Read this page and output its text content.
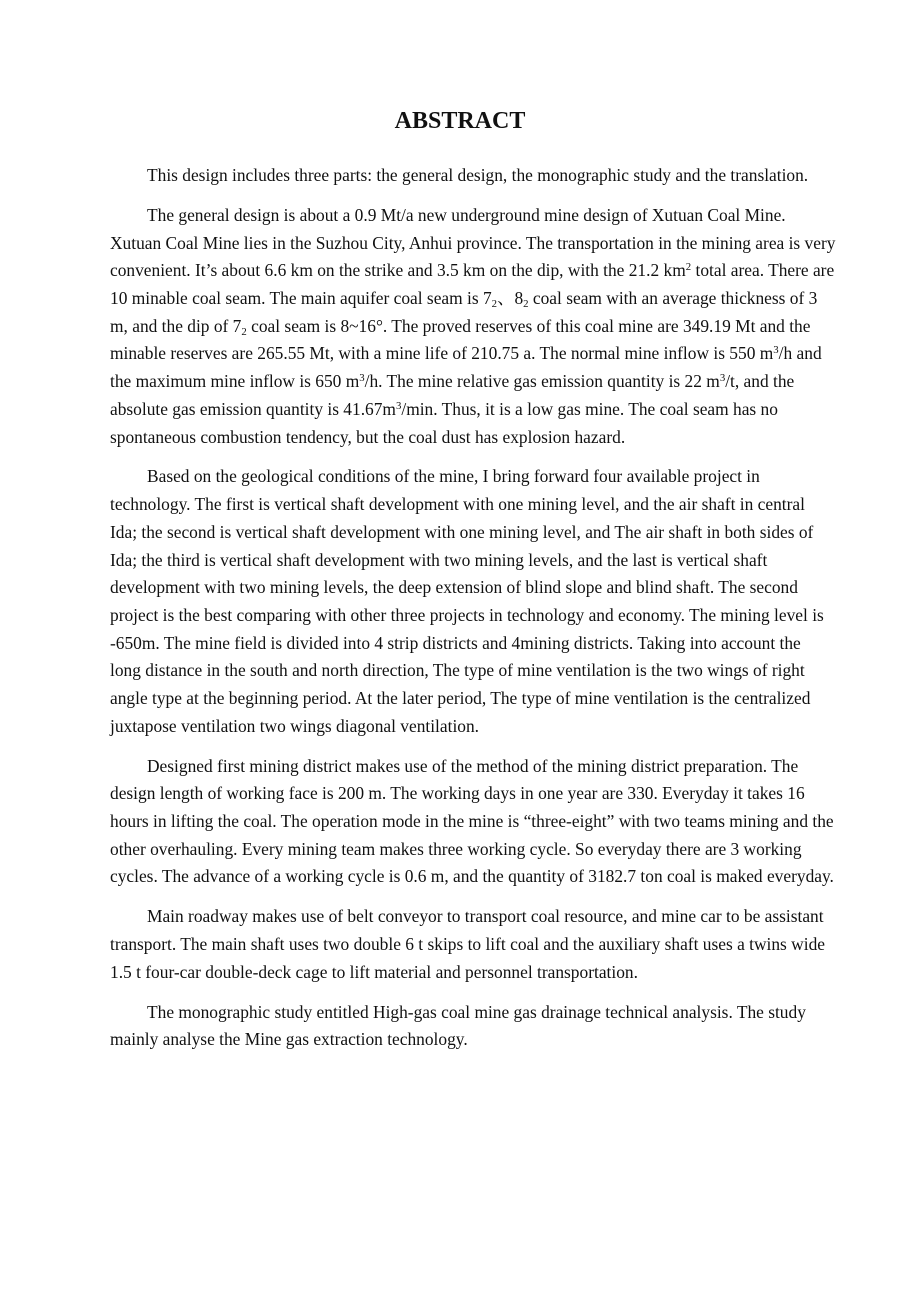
ABSTRACT

This design includes three parts: the general design, the monographic study and the translation.

The general design is about a 0.9 Mt/a new underground mine design of Xutuan Coal Mine. Xutuan Coal Mine lies in the Suzhou City, Anhui province. The transportation in the mining area is very convenient. It’s about 6.6 km on the strike and 3.5 km on the dip, with the 21.2 $km^2$ total area. There are 10 minable coal seam. The main aquifer coal seam is $7_2$、$8_2$ coal seam with an average thickness of 3 m, and the dip of $7_2$ coal seam is 8~16°. The proved reserves of this coal mine are 349.19 Mt and the minable reserves are 265.55 Mt, with a mine life of 210.75 a. The normal mine inflow is 550 $m^3/h$ and the maximum mine inflow is 650 $m^3/h$. The mine relative gas emission quantity is 22 $m^3/t$, and the absolute gas emission quantity is $41.67m^3/\min$. Thus, it is a low gas mine. The coal seam has no spontaneous combustion tendency, but the coal dust has explosion hazard.

Based on the geological conditions of the mine, I bring forward four available project in technology. The first is vertical shaft development with one mining level, and the air shaft in central Ida; the second is vertical shaft development with one mining level, and The air shaft in both sides of Ida; the third is vertical shaft development with two mining levels, and the last is vertical shaft development with two mining levels, the deep extension of blind slope and blind shaft. The second project is the best comparing with other three projects in technology and economy. The mining level is -650m. The mine field is divided into 4 strip districts and 4mining districts. Taking into account the long distance in the south and north direction, The type of mine ventilation is the two wings of right angle type at the beginning period. At the later period, The type of mine ventilation is the centralized juxtapose ventilation two wings diagonal ventilation.

Designed first mining district makes use of the method of the mining district preparation. The design length of working face is 200 m. The working days in one year are 330. Everyday it takes 16 hours in lifting the coal. The operation mode in the mine is “three-eight” with two teams mining and the other overhauling. Every mining team makes three working cycle. So everyday there are 3 working cycles. The advance of a working cycle is 0.6 m, and the quantity of 3182.7 ton coal is maked everyday.

Main roadway makes use of belt conveyor to transport coal resource, and mine car to be assistant transport. The main shaft uses two double 6 t skips to lift coal and the auxiliary shaft uses a twins wide 1.5 t four-car double-deck cage to lift material and personnel transportation.

The monographic study entitled High-gas coal mine gas drainage technical analysis. The study mainly analyse the Mine gas extraction technology.
